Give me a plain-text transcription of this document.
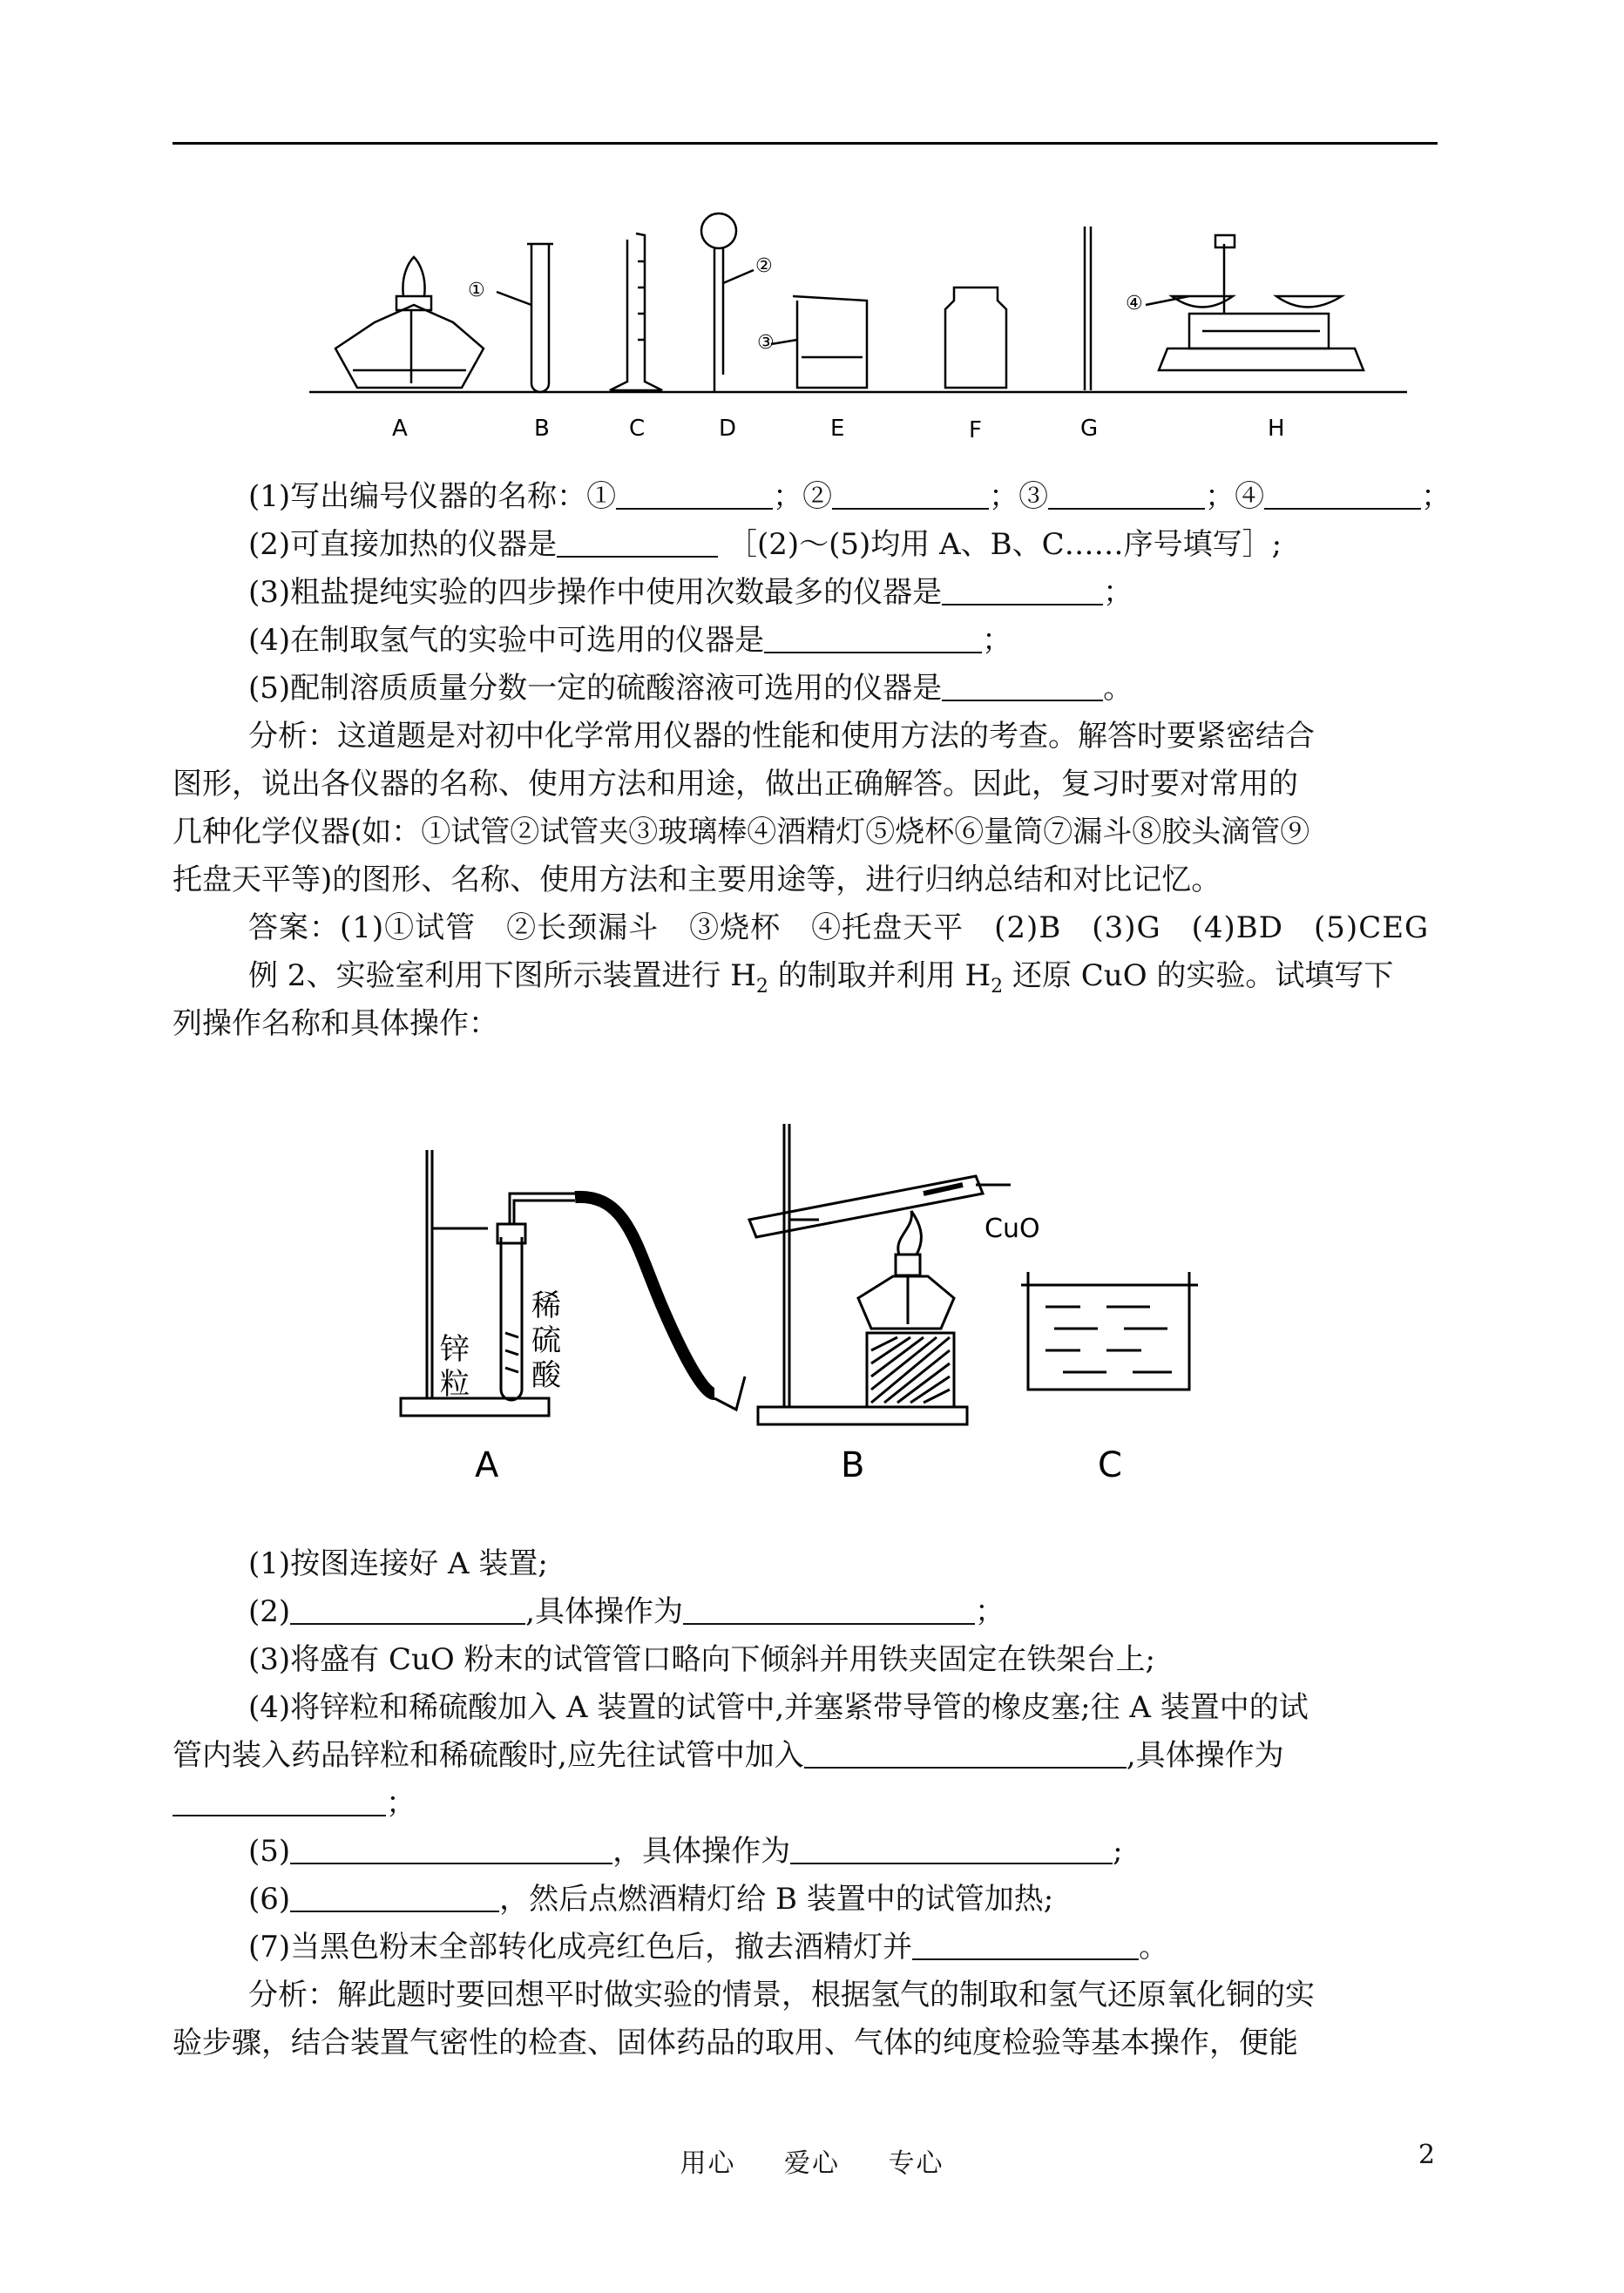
①
②
③
④
A	B	C	D	E	F	G	H
(1)写出编号仪器的名称：①	；②	；③	；④	；
(2)可直接加热的仪器是	［(2)～(5)均用 A、B、C……序号填写］;
(3)粗盐提纯实验的四步操作中使用次数最多的仪器是	；
(4)在制取氢气的实验中可选用的仪器是	；
(5)配制溶质质量分数一定的硫酸溶液可选用的仪器是	。
分析：这道题是对初中化学常用仪器的性能和使用方法的考查。解答时要紧密结合
图形，说出各仪器的名称、使用方法和用途，做出正确解答。因此，复习时要对常用的
几种化学仪器(如：①试管②试管夹③玻璃棒④酒精灯⑤烧杯⑥量筒⑦漏斗⑧胶头滴管⑨
托盘天平等)的图形、名称、使用方法和主要用途等，进行归纳总结和对比记忆。
答案：(1)①试管　②长颈漏斗　③烧杯　④托盘天平　(2)B　(3)G　(4)BD　(5)CEG
例 2、实验室利用下图所示装置进行 $H_2$ 的制取并利用 $H_2$ 还原 CuO 的实验。试填写下
列操作名称和具体操作：
锌
粒
稀
硫
酸
CuO
A	B	C
(1)按图连接好 A 装置;
(2)	,具体操作为	；
(3)将盛有 CuO 粉末的试管管口略向下倾斜并用铁夹固定在铁架台上;
(4)将锌粒和稀硫酸加入 A 装置的试管中,并塞紧带导管的橡皮塞;往 A 装置中的试
管内装入药品锌粒和稀硫酸时,应先往试管中加入	,具体操作为
；
(5)	，具体操作为	;
(6)	，然后点燃酒精灯给 B 装置中的试管加热;
(7)当黑色粉末全部转化成亮红色后，撤去酒精灯并	。
分析：解此题时要回想平时做实验的情景，根据氢气的制取和氢气还原氧化铜的实
验步骤，结合装置气密性的检查、固体药品的取用、气体的纯度检验等基本操作，便能
用心 爱心 专心	2
